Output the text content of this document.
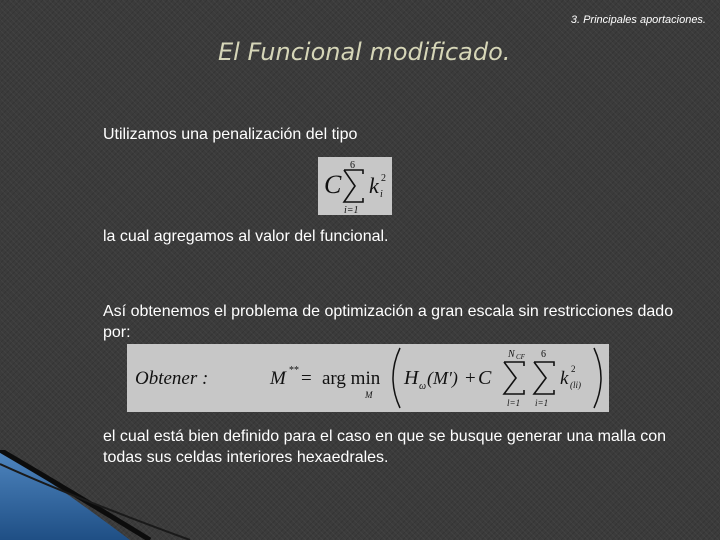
3. Principales aportaciones.
El Funcional modificado.
Utilizamos una penalización del tipo
C
6
i=1
k i
2
la cual agregamos al valor del funcional.
Así obtenemos el problema de optimización a gran escala sin restricciones dado por:
Obtener :	M ** = arg min
M
H ω (M′) + C
N CF
l=1
6
i=1
k 2
(li)
el cual está bien definido para el caso en que se busque generar una malla con todas sus celdas interiores hexaedrales.
